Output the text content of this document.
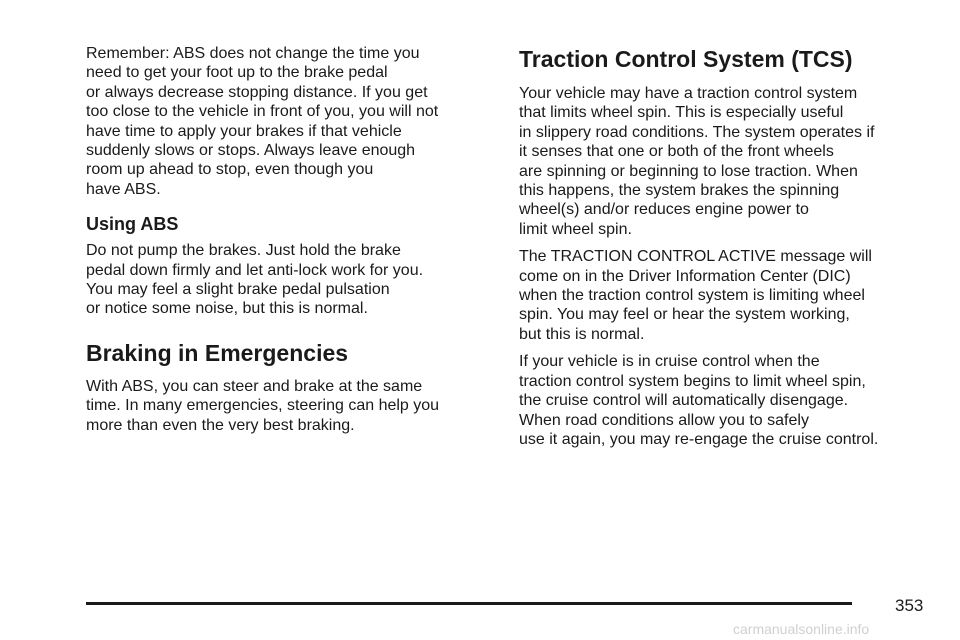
Remember: ABS does not change the time you
need to get your foot up to the brake pedal
or always decrease stopping distance. If you get
too close to the vehicle in front of you, you will not
have time to apply your brakes if that vehicle
suddenly slows or stops. Always leave enough
room up ahead to stop, even though you
have ABS.

Using ABS

Do not pump the brakes. Just hold the brake
pedal down firmly and let anti-lock work for you.
You may feel a slight brake pedal pulsation
or notice some noise, but this is normal.

Braking in Emergencies

With ABS, you can steer and brake at the same
time. In many emergencies, steering can help you
more than even the very best braking.

Traction Control System (TCS)

Your vehicle may have a traction control system
that limits wheel spin. This is especially useful
in slippery road conditions. The system operates if
it senses that one or both of the front wheels
are spinning or beginning to lose traction. When
this happens, the system brakes the spinning
wheel(s) and/or reduces engine power to
limit wheel spin.

The TRACTION CONTROL ACTIVE message will
come on in the Driver Information Center (DIC)
when the traction control system is limiting wheel
spin. You may feel or hear the system working,
but this is normal.

If your vehicle is in cruise control when the
traction control system begins to limit wheel spin,
the cruise control will automatically disengage.
When road conditions allow you to safely
use it again, you may re-engage the cruise control.

353
carmanualsonline.info
